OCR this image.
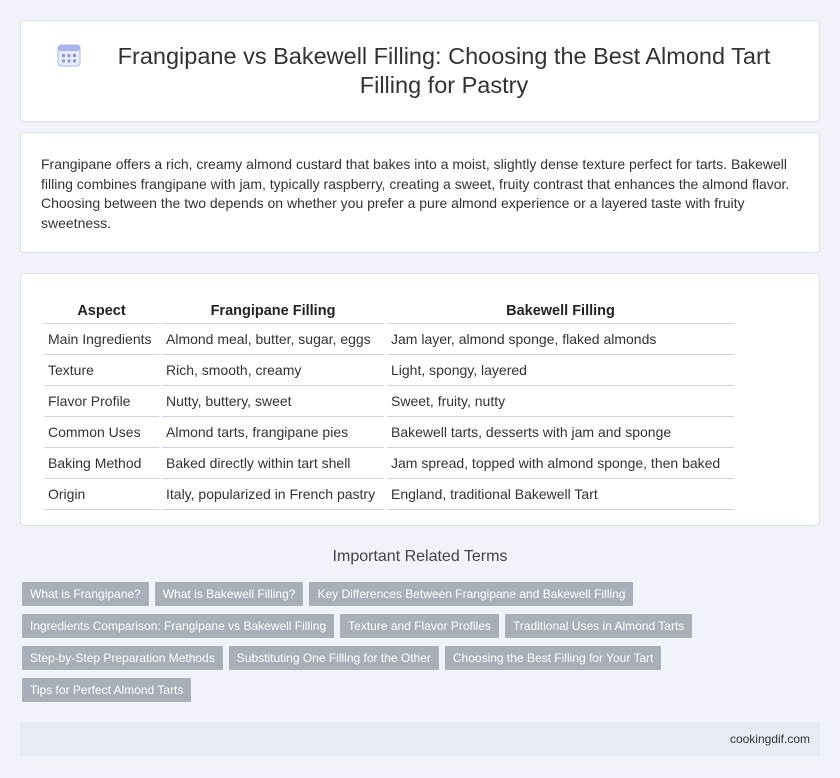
Frangipane vs Bakewell Filling: Choosing the Best Almond Tart Filling for Pastry

Frangipane offers a rich, creamy almond custard that bakes into a moist, slightly dense texture perfect for tarts. Bakewell filling combines frangipane with jam, typically raspberry, creating a sweet, fruity contrast that enhances the almond flavor. Choosing between the two depends on whether you prefer a pure almond experience or a layered taste with fruity sweetness.

Aspect	Frangipane Filling	Bakewell Filling
Main Ingredients	Almond meal, butter, sugar, eggs	Jam layer, almond sponge, flaked almonds
Texture	Rich, smooth, creamy	Light, spongy, layered
Flavor Profile	Nutty, buttery, sweet	Sweet, fruity, nutty
Common Uses	Almond tarts, frangipane pies	Bakewell tarts, desserts with jam and sponge
Baking Method	Baked directly within tart shell	Jam spread, topped with almond sponge, then baked
Origin	Italy, popularized in French pastry	England, traditional Bakewell Tart
Important Related Terms
What is Frangipane?	What is Bakewell Filling?	Key Differences Between Frangipane and Bakewell Filling
Ingredients Comparison: Frangipane vs Bakewell Filling	Texture and Flavor Profiles	Traditional Uses in Almond Tarts
Step-by-Step Preparation Methods	Substituting One Filling for the Other	Choosing the Best Filling for Your Tart
Tips for Perfect Almond Tarts
cookingdif.com
